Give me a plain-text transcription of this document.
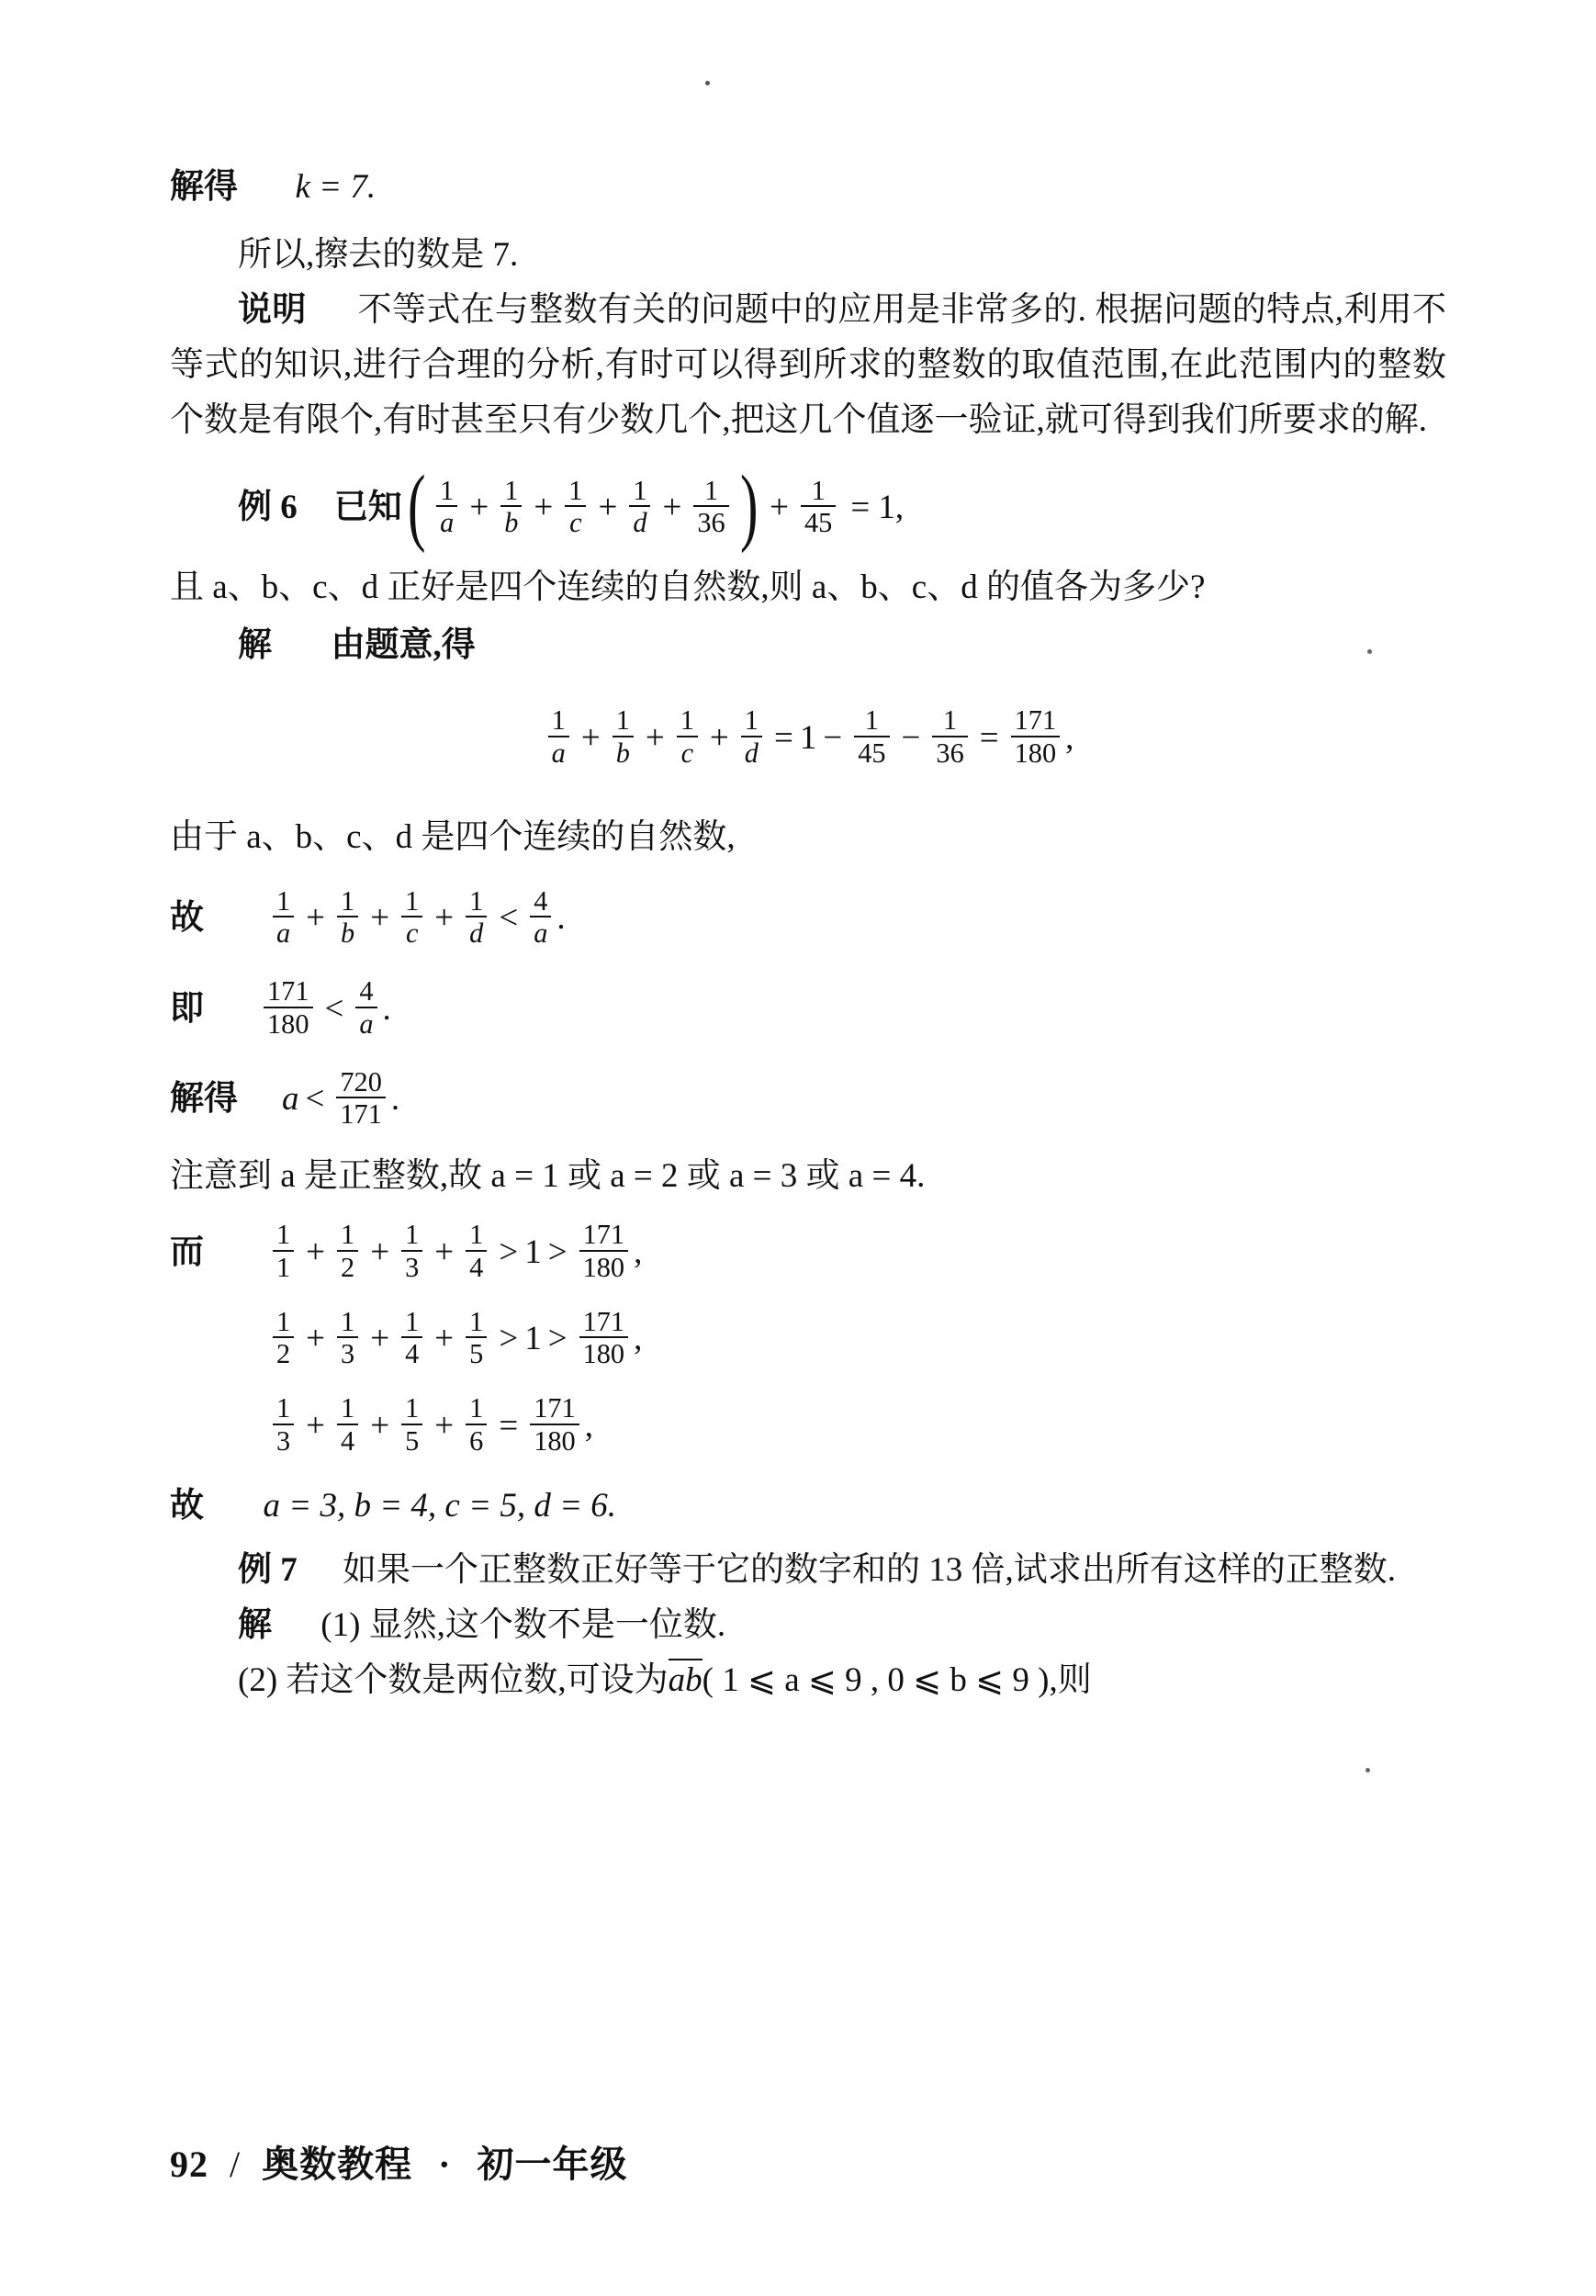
解得 k = 7.
所以,擦去的数是 7.
说明 不等式在与整数有关的问题中的应用是非常多的. 根据问题的特点,利用不等式的知识,进行合理的分析,有时可以得到所求的整数的取值范围,在此范围内的整数个数是有限个,有时甚至只有少数几个,把这几个值逐一验证,就可得到我们所要求的解.
例 6 已知 ( $\frac{1}{a} + \frac{1}{b} + \frac{1}{c} + \frac{1}{d} + \frac{1}{36}$ ) + $\frac{1}{45} = 1$,
且 a、b、c、d 正好是四个连续的自然数,则 a、b、c、d 的值各为多少?
解 由题意,得
$\frac{1}{a} + \frac{1}{b} + \frac{1}{c} + \frac{1}{d} = 1 - \frac{1}{45} - \frac{1}{36} = \frac{171}{180}$ ,
由于 a、b、c、d 是四个连续的自然数,
故	$\frac{1}{a} + \frac{1}{b} + \frac{1}{c} + \frac{1}{d} < \frac{4}{a}$ .
即	$\frac{171}{180} < \frac{4}{a}$ .
解得 $a < \frac{720}{171}$ .
注意到 a 是正整数,故 a = 1 或 a = 2 或 a = 3 或 a = 4.
而	$\frac{1}{1} + \frac{1}{2} + \frac{1}{3} + \frac{1}{4} > 1 > \frac{171}{180}$ ,
$\frac{1}{2} + \frac{1}{3} + \frac{1}{4} + \frac{1}{5} > 1 > \frac{171}{180}$ ,
$\frac{1}{3} + \frac{1}{4} + \frac{1}{5} + \frac{1}{6} = \frac{171}{180}$ ,
故 a = 3, b = 4, c = 5, d = 6.
例 7 如果一个正整数正好等于它的数字和的 13 倍,试求出所有这样的正整数.
解 (1) 显然,这个数不是一位数.
(2) 若这个数是两位数,可设为ab( 1 ⩽ a ⩽ 9 , 0 ⩽ b ⩽ 9 ),则
92 / 奥数教程 · 初一年级
